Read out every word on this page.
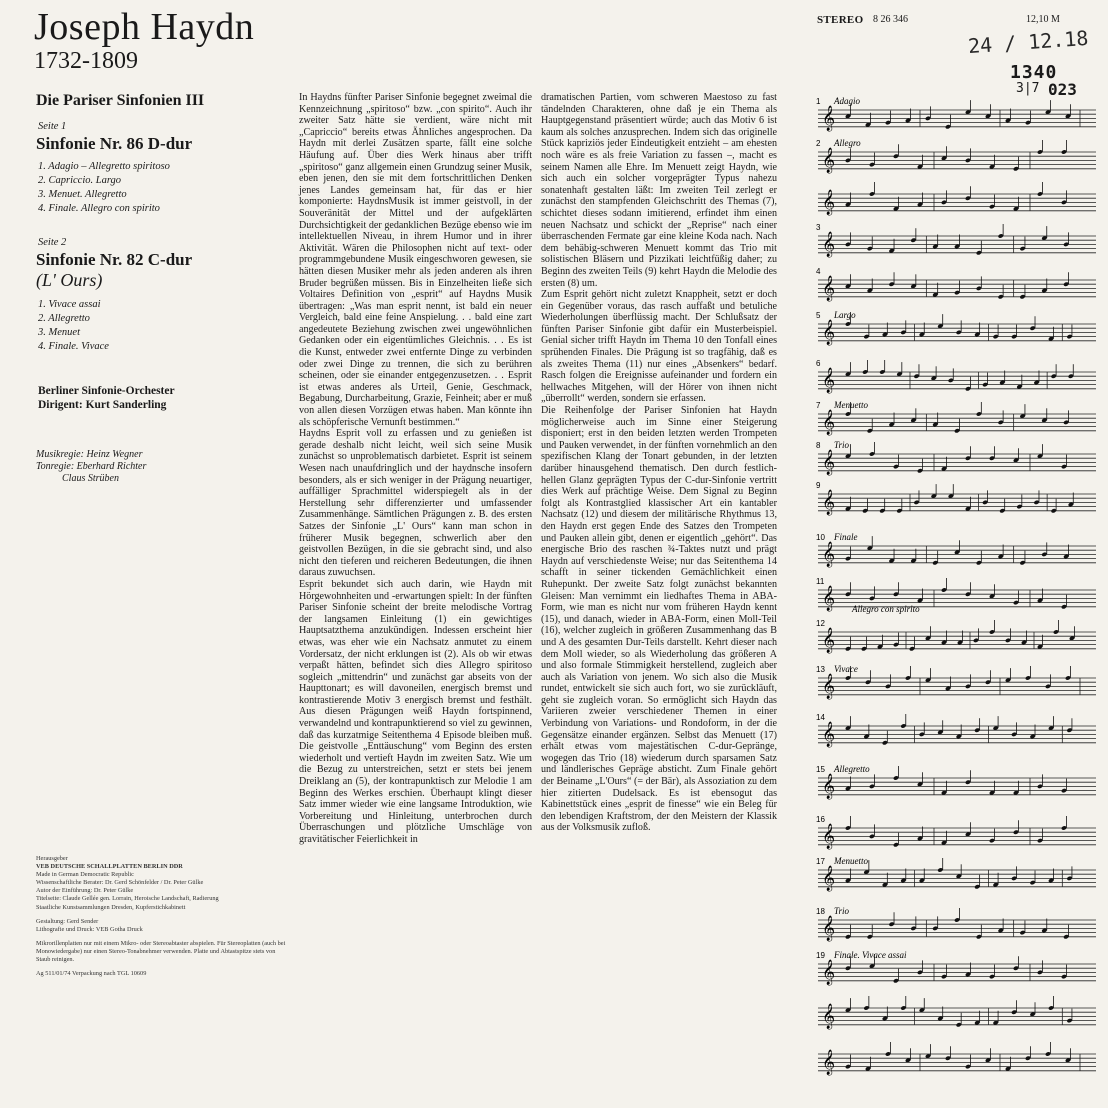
Joseph Haydn
1732-1809
Die Pariser Sinfonien III
Seite 1
Sinfonie Nr. 86 D-dur
1. Adagio – Allegretto spiritoso
2. Capriccio. Largo
3. Menuet. Allegretto
4. Finale. Allegro con spirito
Seite 2
Sinfonie Nr. 82 C-dur
(L' Ours)
1. Vivace assai
2. Allegretto
3. Menuet
4. Finale. Vivace
Berliner Sinfonie-Orchester
Dirigent: Kurt Sanderling
Musikregie: Heinz Wegner
Tonregie: Eberhard Richter
Claus Strüben
Herausgeber
VEB DEUTSCHE SCHALLPLATTEN BERLIN DDR
Made in German Democratic Republic
Wissenschaftliche Berater: Dr. Gerd Schönfelder / Dr. Peter Gülke
Autor der Einführung: Dr. Peter Gülke
Titelseite: Claude Gellée gen. Lorrain, Heroische Landschaft, Radierung
Staatliche Kunstsammlungen Dresden, Kupferstichkabinett
Gestaltung: Gerd Sender
Lithografie und Druck: VEB Gotha Druck
Mikrorillenplatten nur mit einem Mikro- oder Stereoabtaster abspielen. Für Stereoplatten (auch bei Monowiedergabe) nur einen Stereo-Tonabnehmer verwenden. Platte und Abtastspitze stets von Staub reinigen.
Ag 511/01/74 Verpackung nach TGL 10609

In Haydns fünfter Pariser Sinfonie begegnet zweimal die Kennzeichnung „spiritoso“ bzw. „con spirito“. Auch ihr zweiter Satz hätte sie verdient, wäre nicht mit „Capriccio“ bereits etwas Ähnliches angesprochen. Da Haydn mit derlei Zusätzen sparte, fällt eine solche Häufung auf. Über dies Werk hinaus aber trifft „spiritoso“ ganz allgemein einen Grundzug seiner Musik, eben jenen, den sie mit dem fortschrittlichen Denken jenes Landes gemeinsam hat, für das er hier komponierte: HaydnsMusik ist immer geistvoll, in der Souveränität der Mittel und der aufgeklärten Durchsichtigkeit der gedanklichen Bezüge ebenso wie im intellektuellen Niveau, in ihrem Humor und in ihrer Aktivität. Wären die Philosophen nicht auf text- oder programmgebundene Musik eingeschworen gewesen, sie hätten diesen Musiker mehr als jeden anderen als ihren Bruder begrüßen müssen. Bis in Einzelheiten ließe sich Voltaires Definition von „esprit“ auf Haydns Musik übertragen: „Was man esprit nennt, ist bald ein neuer Vergleich, bald eine feine Anspielung. . . bald eine zart angedeutete Beziehung zwischen zwei ungewöhnlichen Gedanken oder ein eigentümliches Gleichnis. . . Es ist die Kunst, entweder zwei entfernte Dinge zu verbinden oder zwei Dinge zu trennen, die sich zu berühren scheinen, oder sie einander entgegenzusetzen. . . Esprit ist etwas anderes als Urteil, Genie, Geschmack, Begabung, Durcharbeitung, Grazie, Feinheit; aber er muß von allen diesen Vorzügen etwas haben. Man könnte ihn als schöpferische Vernunft bestimmen.“

Haydns Esprit voll zu erfassen und zu genießen ist gerade deshalb nicht leicht, weil sich seine Musik zunächst so unproblematisch darbietet. Esprit ist seinem Wesen nach unaufdringlich und der haydnsche insofern besonders, als er sich weniger in der Prägung neuartiger, auffälliger Sprachmittel widerspiegelt als in der Herstellung sehr differenzierter und umfassender Zusammenhänge. Sämtlichen Prägungen z. B. des ersten Satzes der Sinfonie „L' Ours“ kann man schon in früherer Musik begegnen, schwerlich aber den geistvollen Bezügen, in die sie gebracht sind, und also nicht den tieferen und reicheren Bedeutungen, die ihnen daraus zuwuchsen.

Esprit bekundet sich auch darin, wie Haydn mit Hörgewohnheiten und -erwartungen spielt: In der fünften Pariser Sinfonie scheint der breite melodische Vortrag der langsamen Einleitung (1) ein gewichtiges Hauptsatzthema anzukündigen. Indessen erscheint hier etwas, was eher wie ein Nachsatz anmutet zu einem Vordersatz, der nicht erklungen ist (2). Als ob wir etwas verpaßt hätten, befindet sich dies Allegro spiritoso sogleich „mittendrin“ und zunächst gar abseits von der Haupttonart; es will davoneilen, energisch bremst und kontrastierende Motiv 3 energisch bremst und festhält. Aus diesen Prägungen weiß Haydn fortspinnend, verwandelnd und kontrapunktierend so viel zu gewinnen, daß das kurzatmige Seitenthema 4 Episode bleiben muß. Die geistvolle „Enttäuschung“ vom Beginn des ersten wiederholt und vertieft Haydn im zweiten Satz. Wie um die Bezug zu unterstreichen, setzt er stets bei jenem Dreiklang an (5), der kontrapunktisch zur Melodie 1 am Beginn des Werkes erschien. Überhaupt klingt dieser Satz immer wieder wie eine langsame Introduktion, wie Vorbereitung und Hinleitung, unterbrochen durch Überraschungen und plötzliche Umschläge von gravitätischer Feierlichkeit in

dramatischen Partien, vom schweren Maestoso zu fast tändelnden Charakteren, ohne daß je ein Thema als Hauptgegenstand präsentiert würde; auch das Motiv 6 ist kaum als solches anzusprechen. Indem sich das originelle Stück kapriziös jeder Eindeutigkeit entzieht – am ehesten noch wäre es als freie Variation zu fassen –, macht es seinem Namen alle Ehre. Im Menuett zeigt Haydn, wie sich auch ein solcher vorgeprägter Typus nahezu sonatenhaft gestalten läßt: Im zweiten Teil zerlegt er zunächst den stampfenden Gleichschritt des Themas (7), schichtet dieses sodann imitierend, erfindet ihm einen neuen Nachsatz und schickt der „Reprise“ nach einer überraschenden Fermate gar eine kleine Koda nach. Nach dem behäbig-schweren Menuett kommt das Trio mit solistischen Bläsern und Pizzikati leichtfüßig daher; zu Beginn des zweiten Teils (9) kehrt Haydn die Melodie des ersten (8) um.

Zum Esprit gehört nicht zuletzt Knappheit, setzt er doch ein Gegenüber voraus, das rasch auffaßt und betuliche Wiederholungen überflüssig macht. Der Schlußsatz der fünften Pariser Sinfonie gibt dafür ein Musterbeispiel. Genial sicher trifft Haydn im Thema 10 den Tonfall eines sprühenden Finales. Die Prägung ist so tragfähig, daß es als zweites Thema (11) nur eines „Absenkers“ bedarf. Rasch folgen die Ereignisse aufeinander und fordern ein hellwaches Mitgehen, will der Hörer von ihnen nicht „überrollt“ werden, sondern sie erfassen.

Die Reihenfolge der Pariser Sinfonien hat Haydn möglicherweise auch im Sinne einer Steigerung disponiert; erst in den beiden letzten werden Trompeten und Pauken verwendet, in der fünften vornehmlich an den spezifischen Klang der Tonart gebunden, in der letzten darüber hinausgehend thematisch. Den durch festlich-hellen Glanz geprägten Typus der C-dur-Sinfonie vertritt dies Werk auf prächtige Weise. Dem Signal zu Beginn folgt als Kontrastglied klassischer Art ein kantabler Nachsatz (12) und diesem der militärische Rhythmus 13, den Haydn erst gegen Ende des Satzes den Trompeten und Pauken allein gibt, denen er eigentlich „gehört“. Das energische Brio des raschen ¾-Taktes nutzt und prägt Haydn auf verschiedenste Weise; nur das Seitenthema 14 schafft in seiner tickenden Gemächlichkeit einen Ruhepunkt. Der zweite Satz folgt zunächst bekannten Gleisen: Man vernimmt ein liedhaftes Thema in ABA-Form, wie man es nicht nur vom früheren Haydn kennt (15), und danach, wieder in ABA-Form, einen Moll-Teil (16), welcher zugleich in größeren Zusammenhang das B und A des gesamten Dur-Teils darstellt. Kehrt dieser nach dem Moll wieder, so als Wiederholung das größeren A und also formale Stimmigkeit herstellend, zugleich aber auch als Variation von jenem. Wo sich also die Musik rundet, entwickelt sie sich auch fort, wo sie zurückläuft, geht sie zugleich voran. So ermöglicht sich Haydn das Variieren zweier verschiedener Themen in einer Verbindung von Variations- und Rondoform, in der die Gegensätze einander ergänzen. Selbst das Menuett (17) erhält etwas vom majestätischen C-dur-Gepränge, wogegen das Trio (18) wiederum durch sparsamen Satz und ländlerisches Gepräge absticht. Zum Finale gehört der Beiname „L'Ours“ (= der Bär), als Assoziation zu dem hier zitierten Dudelsack. Es ist ebensogut das Kabinettstück eines „esprit de finesse“ wie ein Beleg für den lebendigen Kraftstrom, der den Meistern der Klassik aus der Volksmusik zufloß.

STEREO 8 26 346	12,10 M
24 ∕ 12.18
1340
3|7 023
𝄞
𝄞
𝄞
𝄞
𝄞
𝄞
𝄞
𝄞
𝄞
𝄞
𝄞
𝄞
𝄞
𝄞
𝄞
𝄞
𝄞
𝄞
𝄞
𝄞
𝄞
𝄞
1 Adagio
2 Allegro
3
4
5 Largo
6
7 Menuetto
8 Trio
9
10 Finale
11
12
13 Vivace
14
15 Allegretto
16
17 Menuetto
18 Trio
19 Finale. Vivace assai
Allegro con spirito
